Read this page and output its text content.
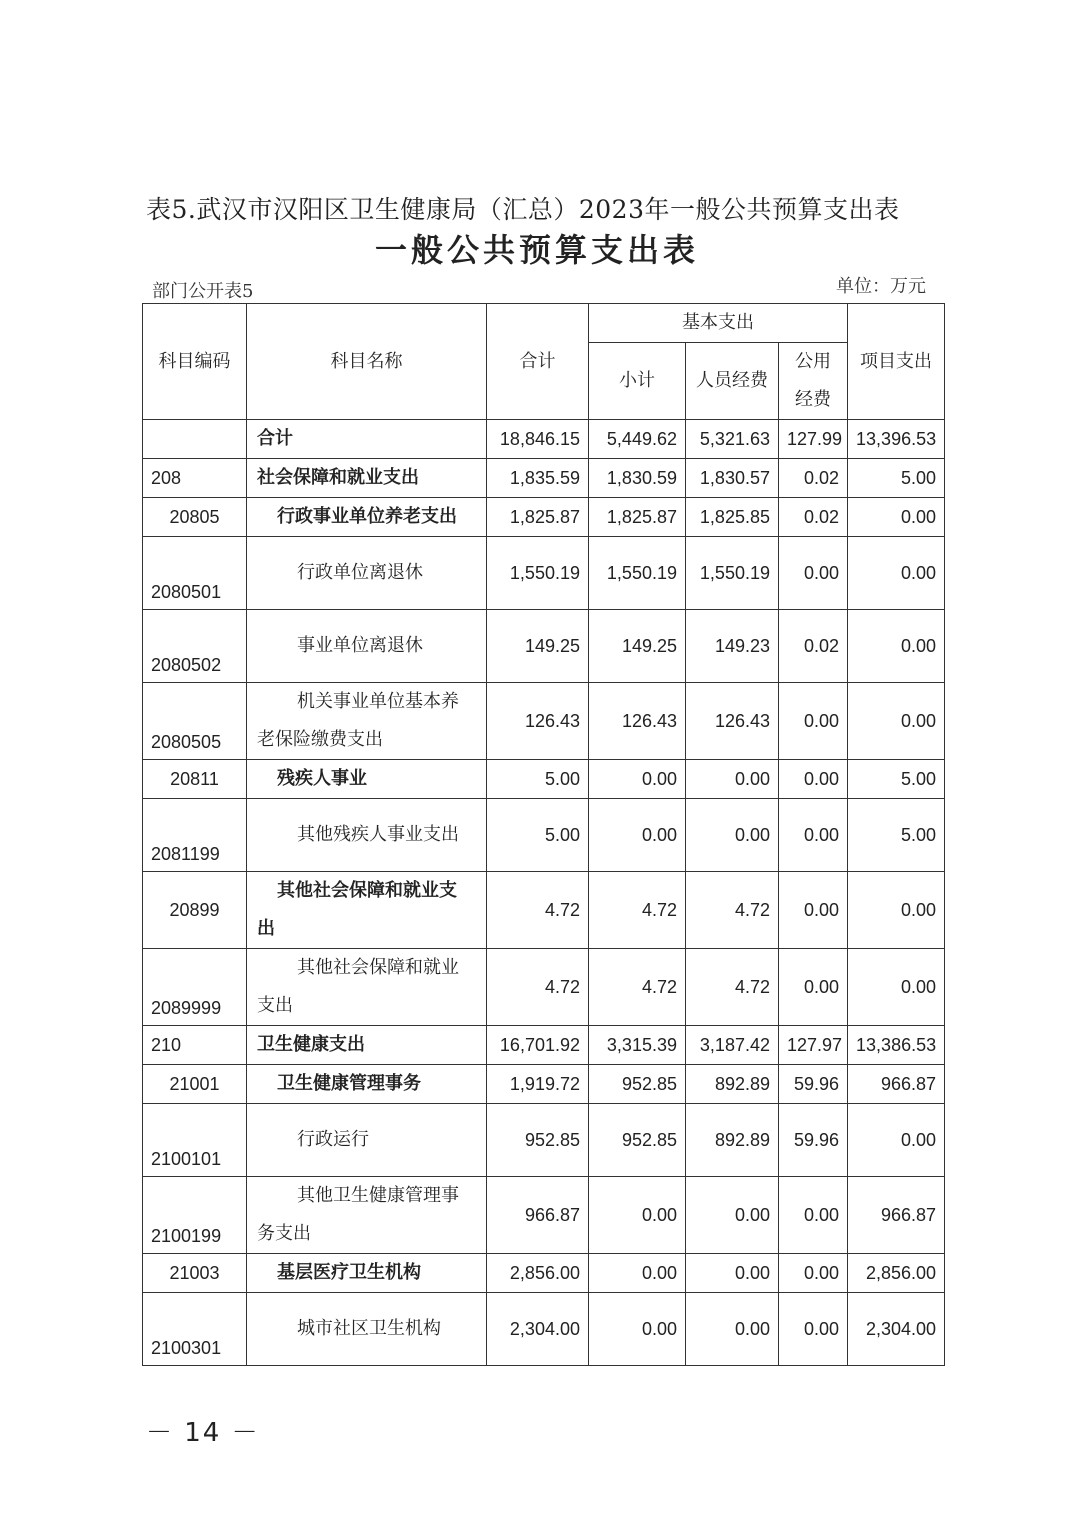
表5.武汉市汉阳区卫生健康局（汇总）2023年一般公共预算支出表
一般公共预算支出表
部门公开表5	单位：万元
科目编码	科目名称	合计	基本支出			项目支出
			小计	人员经费	公用经费	
	合计	18,846.15	5,449.62	5,321.63	127.99	13,396.53
208	社会保障和就业支出	1,835.59	1,830.59	1,830.57	0.02	5.00
20805	行政事业单位养老支出	1,825.87	1,825.87	1,825.85	0.02	0.00
2080501	行政单位离退休	1,550.19	1,550.19	1,550.19	0.00	0.00
2080502	事业单位离退休	149.25	149.25	149.23	0.02	0.00
2080505	机关事业单位基本养
老保险缴费支出	126.43	126.43	126.43	0.00	0.00
20811	残疾人事业	5.00	0.00	0.00	0.00	5.00
2081199	其他残疾人事业支出	5.00	0.00	0.00	0.00	5.00
20899	其他社会保障和就业支
出	4.72	4.72	4.72	0.00	0.00
2089999	其他社会保障和就业
支出	4.72	4.72	4.72	0.00	0.00
210	卫生健康支出	16,701.92	3,315.39	3,187.42	127.97	13,386.53
21001	卫生健康管理事务	1,919.72	952.85	892.89	59.96	966.87
2100101	行政运行	952.85	952.85	892.89	59.96	0.00
2100199	其他卫生健康管理事
务支出	966.87	0.00	0.00	0.00	966.87
21003	基层医疗卫生机构	2,856.00	0.00	0.00	0.00	2,856.00
2100301	城市社区卫生机构	2,304.00	0.00	0.00	0.00	2,304.00
－ 14 －
